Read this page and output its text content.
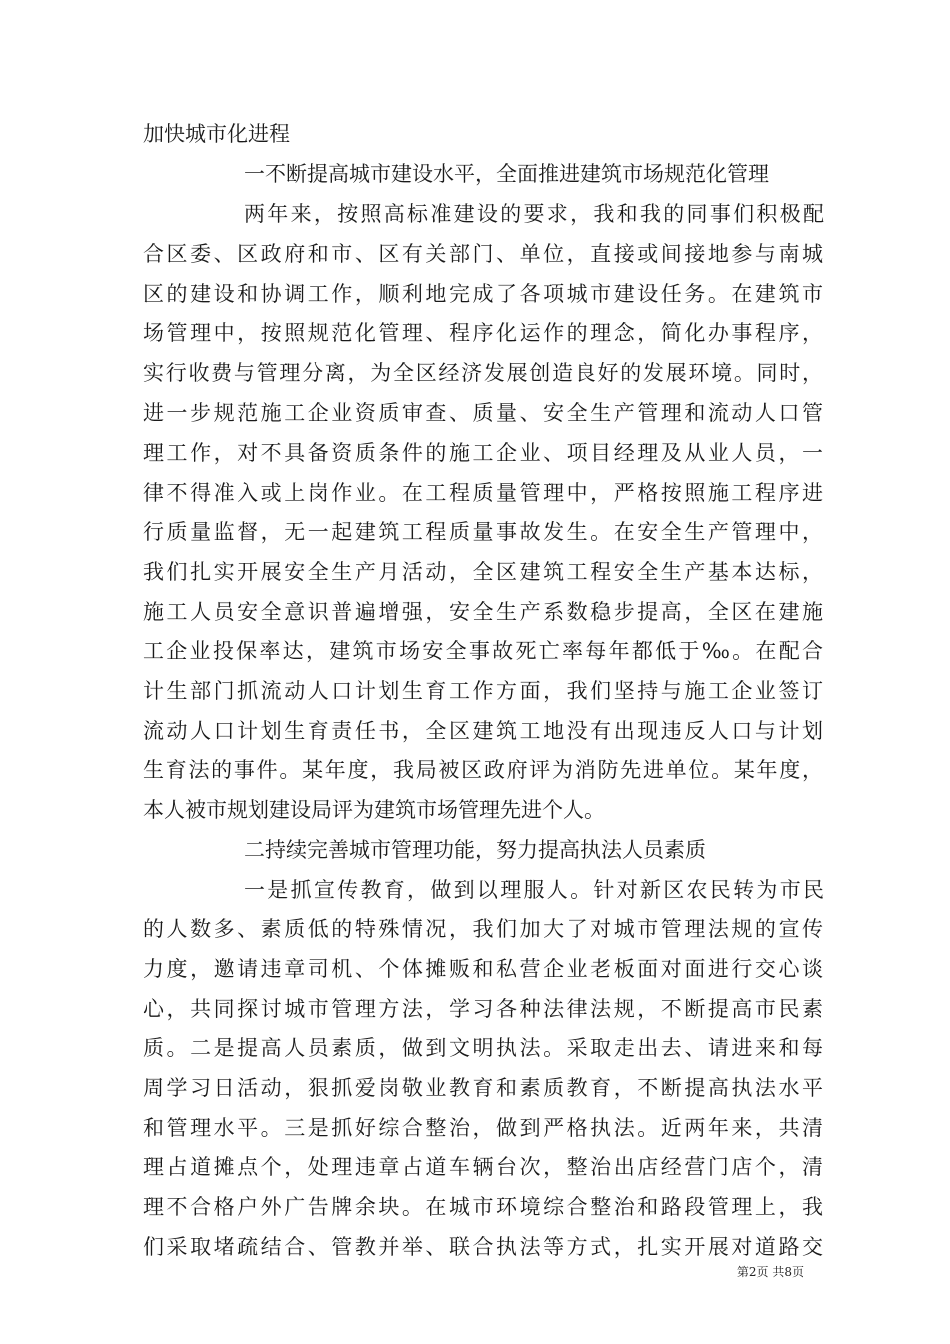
加快城市化进程
一不断提高城市建设水平，全面推进建筑市场规范化管理
两年来，按照高标准建设的要求，我和我的同事们积极配
合区委、区政府和市、区有关部门、单位，直接或间接地参与南城
区的建设和协调工作，顺利地完成了各项城市建设任务。在建筑市
场管理中，按照规范化管理、程序化运作的理念，简化办事程序，
实行收费与管理分离，为全区经济发展创造良好的发展环境。同时，
进一步规范施工企业资质审查、质量、安全生产管理和流动人口管
理工作，对不具备资质条件的施工企业、项目经理及从业人员，一
律不得准入或上岗作业。在工程质量管理中，严格按照施工程序进
行质量监督，无一起建筑工程质量事故发生。在安全生产管理中，
我们扎实开展安全生产月活动，全区建筑工程安全生产基本达标，
施工人员安全意识普遍增强，安全生产系数稳步提高，全区在建施
工企业投保率达，建筑市场安全事故死亡率每年都低于‰。在配合
计生部门抓流动人口计划生育工作方面，我们坚持与施工企业签订
流动人口计划生育责任书，全区建筑工地没有出现违反人口与计划
生育法的事件。某年度，我局被区政府评为消防先进单位。某年度，
本人被市规划建设局评为建筑市场管理先进个人。
二持续完善城市管理功能，努力提高执法人员素质
一是抓宣传教育，做到以理服人。针对新区农民转为市民
的人数多、素质低的特殊情况，我们加大了对城市管理法规的宣传
力度，邀请违章司机、个体摊贩和私营企业老板面对面进行交心谈
心，共同探讨城市管理方法，学习各种法律法规，不断提高市民素
质。二是提高人员素质，做到文明执法。采取走出去、请进来和每
周学习日活动，狠抓爱岗敬业教育和素质教育，不断提高执法水平
和管理水平。三是抓好综合整治，做到严格执法。近两年来，共清
理占道摊点个，处理违章占道车辆台次，整治出店经营门店个，清
理不合格户外广告牌余块。在城市环境综合整治和路段管理上，我
们采取堵疏结合、管教并举、联合执法等方式，扎实开展对道路交
第2页 共8页
